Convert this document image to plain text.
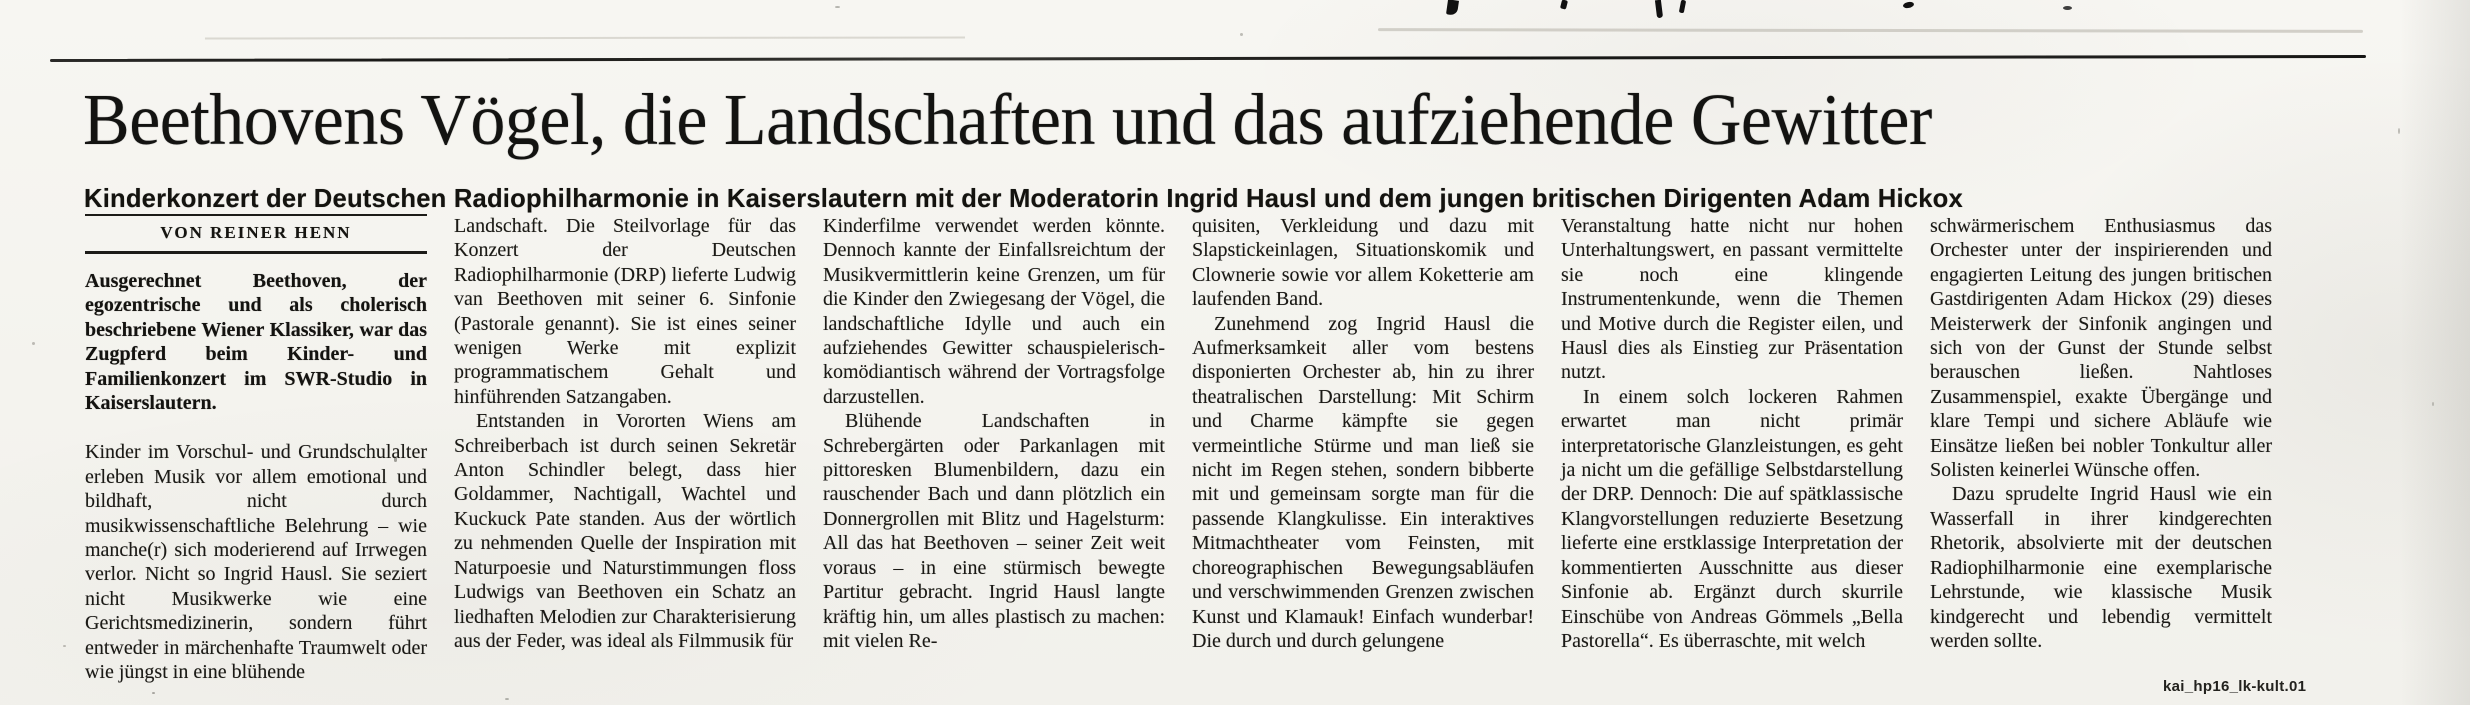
Beethovens Vögel, die Landschaften und das aufziehende Gewitter
Kinderkonzert der Deutschen Radiophilharmonie in Kaiserslautern mit der Moderatorin Ingrid Hausl und dem jungen britischen Dirigenten Adam Hickox
VON REINER HENN

Ausgerechnet Beethoven, der egozentrische und als cholerisch beschriebene Wiener Klassiker, war das Zugpferd beim Kinder- und Familienkonzert im SWR-Studio in Kaiserslautern.

Kinder im Vorschul- und Grundschulalter erleben Musik vor allem emotional und bildhaft, nicht durch musikwissenschaftliche Belehrung – wie manche(r) sich moderierend auf Irrwegen verlor. Nicht so Ingrid Hausl. Sie seziert nicht Musikwerke wie eine Gerichtsmedizinerin, sondern führt entweder in märchenhafte Traumwelt oder wie jüngst in eine blühende

Landschaft. Die Steilvorlage für das Konzert der Deutschen Radiophilharmonie (DRP) lieferte Ludwig van Beethoven mit seiner 6. Sinfonie (Pastorale genannt). Sie ist eines seiner wenigen Werke mit explizit programmatischem Gehalt und hinführenden Satzangaben.

Entstanden in Vororten Wiens am Schreiberbach ist durch seinen Sekretär Anton Schindler belegt, dass hier Goldammer, Nachtigall, Wachtel und Kuckuck Pate standen. Aus der wörtlich zu nehmenden Quelle der Inspiration mit Naturpoesie und Naturstimmungen floss Ludwigs van Beethoven ein Schatz an liedhaften Melodien zur Charakterisierung aus der Feder, was ideal als Filmmusik für

Kinderfilme verwendet werden könnte. Dennoch kannte der Einfallsreichtum der Musikvermittlerin keine Grenzen, um für die Kinder den Zwiegesang der Vögel, die landschaftliche Idylle und auch ein aufziehendes Gewitter schauspielerisch-komödiantisch während der Vortragsfolge darzustellen.

Blühende Landschaften in Schrebergärten oder Parkanlagen mit pittoresken Blumenbildern, dazu ein rauschender Bach und dann plötzlich ein Donnergrollen mit Blitz und Hagelsturm: All das hat Beethoven – seiner Zeit weit voraus – in eine stürmisch bewegte Partitur gebracht. Ingrid Hausl langte kräftig hin, um alles plastisch zu machen: mit vielen Re-

quisiten, Verkleidung und dazu mit Slapstickeinlagen, Situationskomik und Clownerie sowie vor allem Koketterie am laufenden Band.

Zunehmend zog Ingrid Hausl die Aufmerksamkeit aller vom bestens disponierten Orchester ab, hin zu ihrer theatralischen Darstellung: Mit Schirm und Charme kämpfte sie gegen vermeintliche Stürme und man ließ sie nicht im Regen stehen, sondern bibberte mit und gemeinsam sorgte man für die passende Klangkulisse. Ein interaktives Mitmachtheater vom Feinsten, mit choreographischen Bewegungsabläufen und verschwimmenden Grenzen zwischen Kunst und Klamauk! Einfach wunderbar! Die durch und durch gelungene

Veranstaltung hatte nicht nur hohen Unterhaltungswert, en passant vermittelte sie noch eine klingende Instrumentenkunde, wenn die Themen und Motive durch die Register eilen, und Hausl dies als Einstieg zur Präsentation nutzt.

In einem solch lockeren Rahmen erwartet man nicht primär interpretatorische Glanzleistungen, es geht ja nicht um die gefällige Selbstdarstellung der DRP. Dennoch: Die auf spätklassische Klangvorstellungen reduzierte Besetzung lieferte eine erstklassige Interpretation der kommentierten Ausschnitte aus dieser Sinfonie ab. Ergänzt durch skurrile Einschübe von Andreas Gömmels „Bella Pastorella“. Es überraschte, mit welch

schwärmerischem Enthusiasmus das Orchester unter der inspirierenden und engagierten Leitung des jungen britischen Gastdirigenten Adam Hickox (29) dieses Meisterwerk der Sinfonik angingen und sich von der Gunst der Stunde selbst berauschen ließen. Nahtloses Zusammenspiel, exakte Übergänge und klare Tempi und sichere Abläufe wie Einsätze ließen bei nobler Tonkultur aller Solisten keinerlei Wünsche offen.

Dazu sprudelte Ingrid Hausl wie ein Wasserfall in ihrer kindgerechten Rhetorik, absolvierte mit der deutschen Radiophilharmonie eine exemplarische Lehrstunde, wie klassische Musik kindgerecht und lebendig vermittelt werden sollte.

kai_hp16_lk-kult.01
